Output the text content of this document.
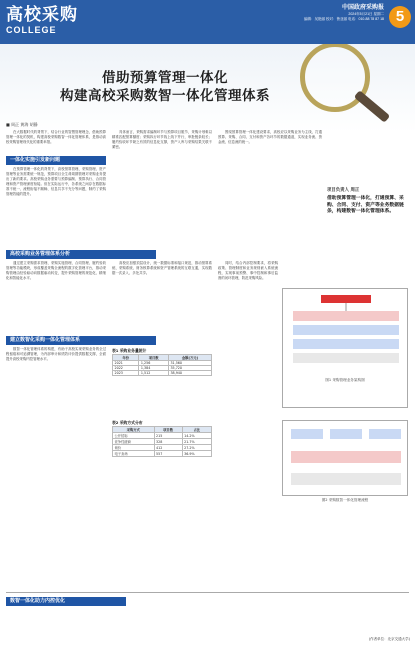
高校采购
COLLEGE
中国政府采购报
2024年5月21日 星期二
编辑：吴艳丽 校对：鲁亚丽 电话：010-88 78 87 18 5
借助预算管理一体化
构建高校采购数智一体化管理体系
■ 周正 黄海 胡静

在大数据时代的背景下，结合行业的智慧管理理念，借助预算管理一体化的契机，构建高校采购数智一体化管理体系，是推动高校采购管理现代化的重要举措。

一体化实施引发新问题

在预算管理一体化的背景下，高校预算管理、采购管理、资产管理等业务需要统一规范，预算项目全生命周期管理对采购业务提出了新的要求。高校采购业务需要与预算编制、预算执行、合同管理和资产管理深度衔接。但在实际运行中，各系统之间存在数据标准不统一、流程衔接不顺畅、信息共享不充分等问题，制约了采购管理效能的提升。

具体而言，采购需求编制环节与预算项目脱节，采购计划难以精准匹配预算额度；采购执行环节线上线下并行，审批链条较长；履约验收环节缺乏有效的信息化支撑，资产入库与采购结果关联不紧密。

围绕预算管理一体化建设要求，高校应以采购业务为主线，打通预算、采购、合同、支付和资产各环节的数据通道，实现业务流、资金流、信息流的统一。

项目负责人 周正
借助预算管理一体化，打通预算、采购、合同、支付、资产等业务数据链条，构建数智一体化管理体系。
高校采购业务管理体系分析

通过建立采购需求管理、采购实施管理、合同管理、履约验收管理等功能模块，形成覆盖采购全流程的数字化管理平台，推动采购管理由经验驱动向数据驱动转变，提升采购管理的规范化、精细化和智能化水平。

高校应加强顶层设计，统一数据标准和接口规范，推动预算系统、采购系统、财务核算系统和资产管理系统的互联互通，实现数据一次录入、多处共享。

同时，结合内部控制要求，将采购政策、管理制度和业务规则嵌入系统流程，实现事前预警、事中控制和事后监督的闭环管理，防范采购风险。

图1 采购管理业务架构图
建立数智化采购一体化管理体系

数智一体化管理体系的构建，有助于高校实现采购业务的全过程留痕和可追溯管理，为内部审计和绩效评价提供数据支撑，全面提升高校采购内控管理水平。

表1 采购业务量统计
年份	项目数	金额(万元)
2021	1,256	31,560
2022	1,384	35,720
2023	1,512	38,940
表2 采购方式分布
采购方式	项目数	占比
公开招标	215	14.2%
竞争性磋商	328	21.7%
询价	412	27.2%
电子卖场	557	36.9%
图2 采购数智一体化管理流程
数智一体化助力内控优化
(作者单位：北京交通大学)
